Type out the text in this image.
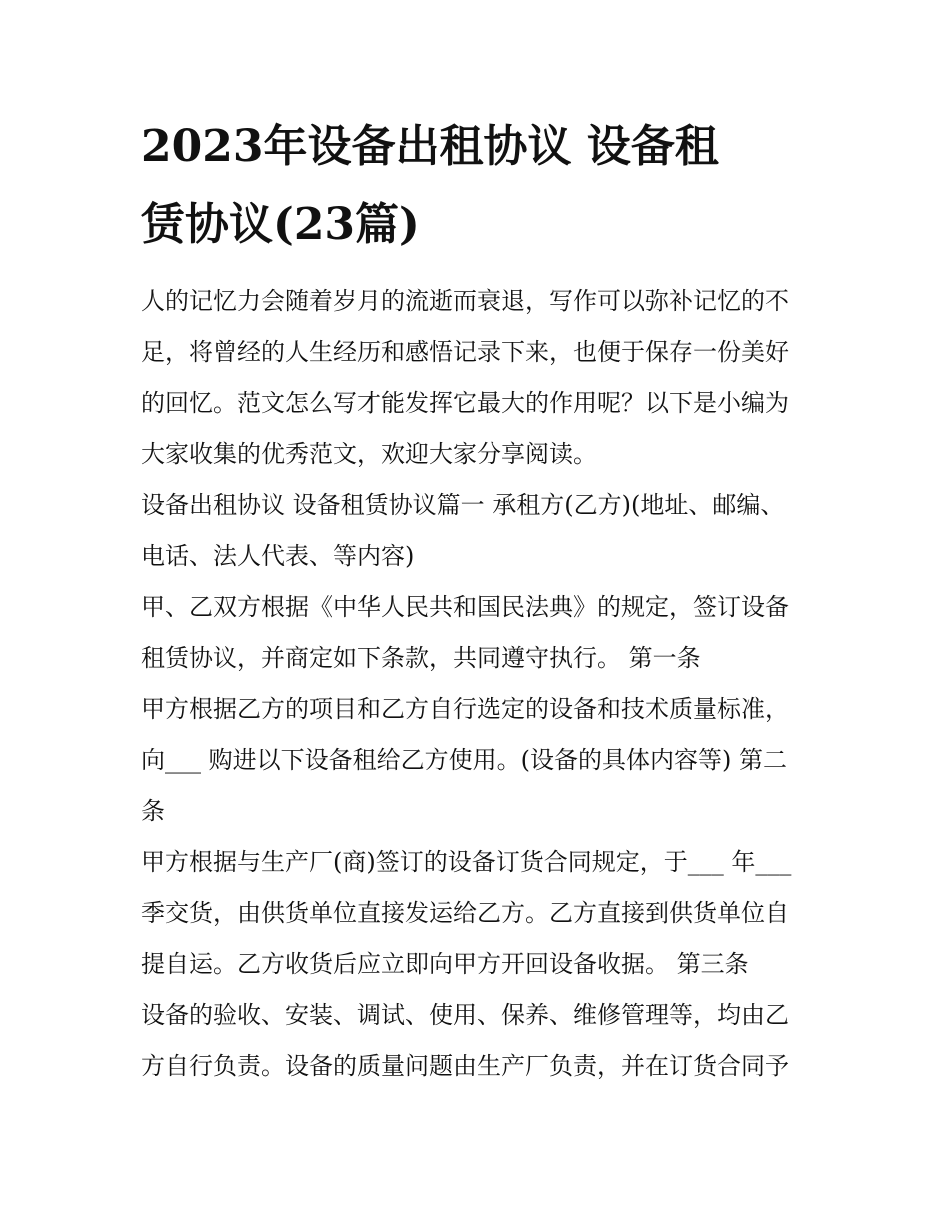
2023年设备出租协议 设备租
赁协议(23篇)
人的记忆力会随着岁月的流逝而衰退，写作可以弥补记忆的不
足，将曾经的人生经历和感悟记录下来，也便于保存一份美好
的回忆。范文怎么写才能发挥它最大的作用呢？以下是小编为
大家收集的优秀范文，欢迎大家分享阅读。
设备出租协议 设备租赁协议篇一 承租方(乙方)(地址、邮编、
电话、法人代表、等内容)
甲、乙双方根据《中华人民共和国民法典》的规定，签订设备
租赁协议，并商定如下条款，共同遵守执行。 第一条
甲方根据乙方的项目和乙方自行选定的设备和技术质量标准，
向___ 购进以下设备租给乙方使用。(设备的具体内容等) 第二
条
甲方根据与生产厂(商)签订的设备订货合同规定，于___ 年___
季交货，由供货单位直接发运给乙方。乙方直接到供货单位自
提自运。乙方收货后应立即向甲方开回设备收据。 第三条
设备的验收、安装、调试、使用、保养、维修管理等，均由乙
方自行负责。设备的质量问题由生产厂负责，并在订货合同予
